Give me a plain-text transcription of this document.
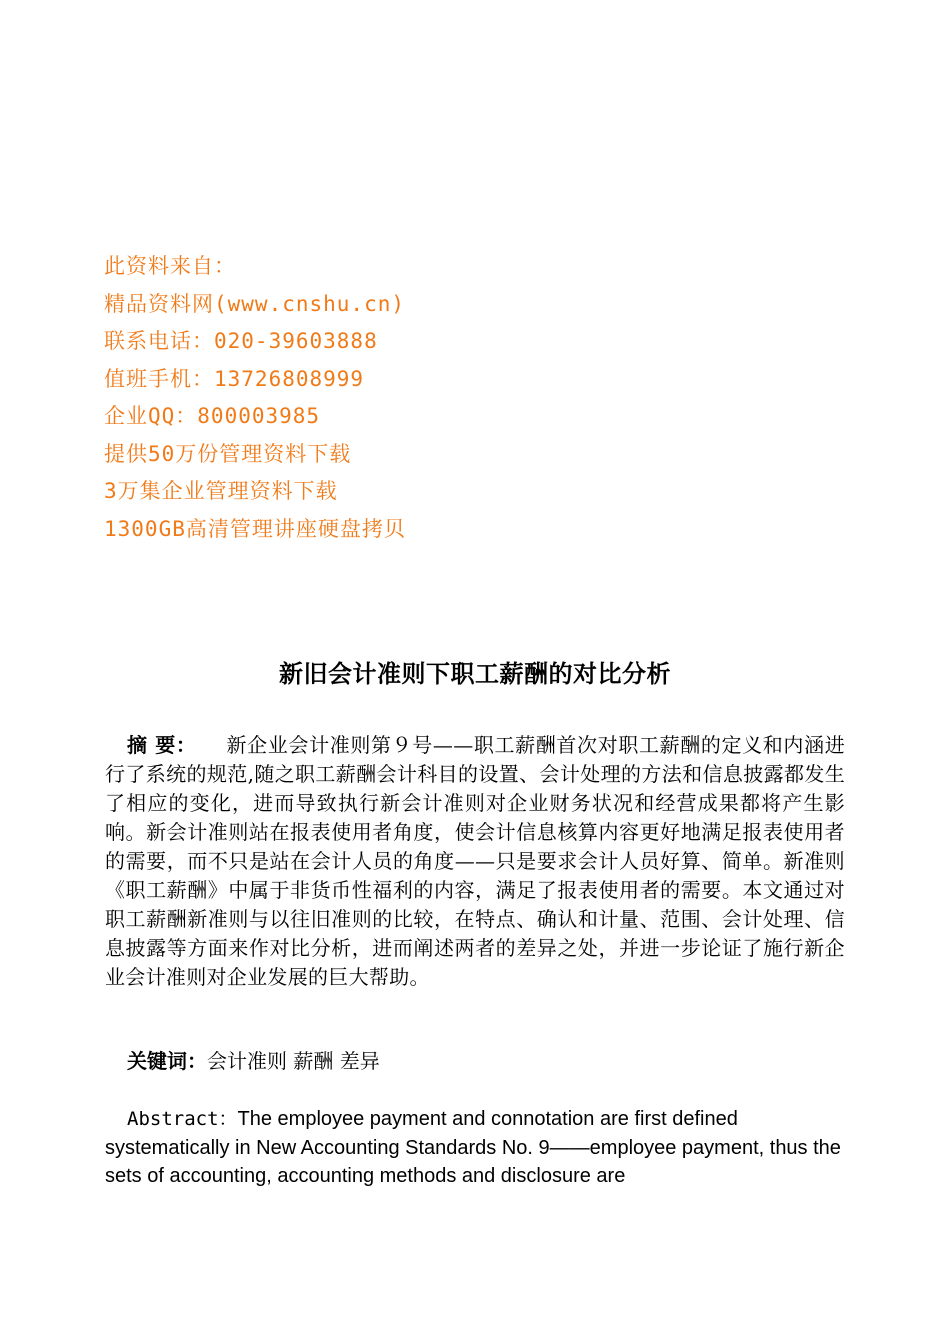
此资料来自：
精品资料网(www.cnshu.cn)
联系电话：020-39603888
值班手机：13726808999
企业QQ：800003985
提供50万份管理资料下载
3万集企业管理资料下载
1300GB高清管理讲座硬盘拷贝
新旧会计准则下职工薪酬的对比分析
摘 要： 新企业会计准则第９号——职工薪酬首次对职工薪酬的定义和内涵进行了系统的规范,随之职工薪酬会计科目的设置、会计处理的方法和信息披露都发生了相应的变化，进而导致执行新会计准则对企业财务状况和经营成果都将产生影响。新会计准则站在报表使用者角度，使会计信息核算内容更好地满足报表使用者的需要，而不只是站在会计人员的角度——只是要求会计人员好算、简单。新准则《职工薪酬》中属于非货币性福利的内容，满足了报表使用者的需要。本文通过对职工薪酬新准则与以往旧准则的比较，在特点、确认和计量、范围、会计处理、信息披露等方面来作对比分析，进而阐述两者的差异之处，并进一步论证了施行新企业会计准则对企业发展的巨大帮助。
关键词：会计准则 薪酬 差异
Abstract：The employee payment and connotation are first defined systematically in New Accounting Standards No. 9——employee payment, thus the sets of accounting, accounting methods and disclosure are
